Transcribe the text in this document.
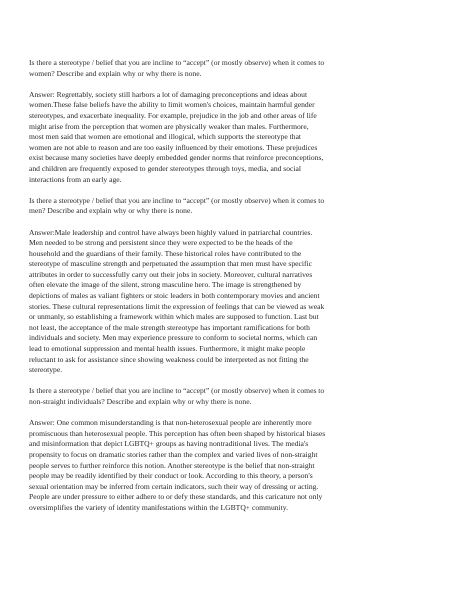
Is there a stereotype / belief that you are incline to “accept” (or mostly observe) when it comes to
women? Describe and explain why or why there is none.

Answer: Regrettably, society still harbors a lot of damaging preconceptions and ideas about
women.These false beliefs have the ability to limit women's choices, maintain harmful gender
stereotypes, and exacerbate inequality. For example, prejudice in the job and other areas of life
might arise from the perception that women are physically weaker than males. Furthermore,
most men said that women are emotional and illogical, which supports the stereotype that
women are not able to reason and are too easily influenced by their emotions. These prejudices
exist because many societies have deeply embedded gender norms that reinforce preconceptions,
and children are frequently exposed to gender stereotypes through toys, media, and social
interactions from an early age.

Is there a stereotype / belief that you are incline to “accept” (or mostly observe) when it comes to
men? Describe and explain why or why there is none.

Answer:Male leadership and control have always been highly valued in patriarchal countries.
Men needed to be strong and persistent since they were expected to be the heads of the
household and the guardians of their family. These historical roles have contributed to the
stereotype of masculine strength and perpetuated the assumption that men must have specific
attributes in order to successfully carry out their jobs in society. Moreover, cultural narratives
often elevate the image of the silent, strong masculine hero. The image is strengthened by
depictions of males as valiant fighters or stoic leaders in both contemporary movies and ancient
stories. These cultural representations limit the expression of feelings that can be viewed as weak
or unmanly, so establishing a framework within which males are supposed to function. Last but
not least, the acceptance of the male strength stereotype has important ramifications for both
individuals and society. Men may experience pressure to conform to societal norms, which can
lead to emotional suppression and mental health issues. Furthermore, it might make people
reluctant to ask for assistance since showing weakness could be interpreted as not fitting the
stereotype.

Is there a stereotype / belief that you are incline to “accept” (or mostly observe) when it comes to
non-straight individuals? Describe and explain why or why there is none.

Answer: One common misunderstanding is that non-heterosexual people are inherently more
promiscuous than heterosexual people. This perception has often been shaped by historical biases
and misinformation that depict LGBTQ+ groups as having nontraditional lives. The media's
propensity to focus on dramatic stories rather than the complex and varied lives of non-straight
people serves to further reinforce this notion. Another stereotype is the belief that non-straight
people may be readily identified by their conduct or look. According to this theory, a person's
sexual orientation may be inferred from certain indicators, such their way of dressing or acting.
People are under pressure to either adhere to or defy these standards, and this caricature not only
oversimplifies the variety of identity manifestations within the LGBTQ+ community.
